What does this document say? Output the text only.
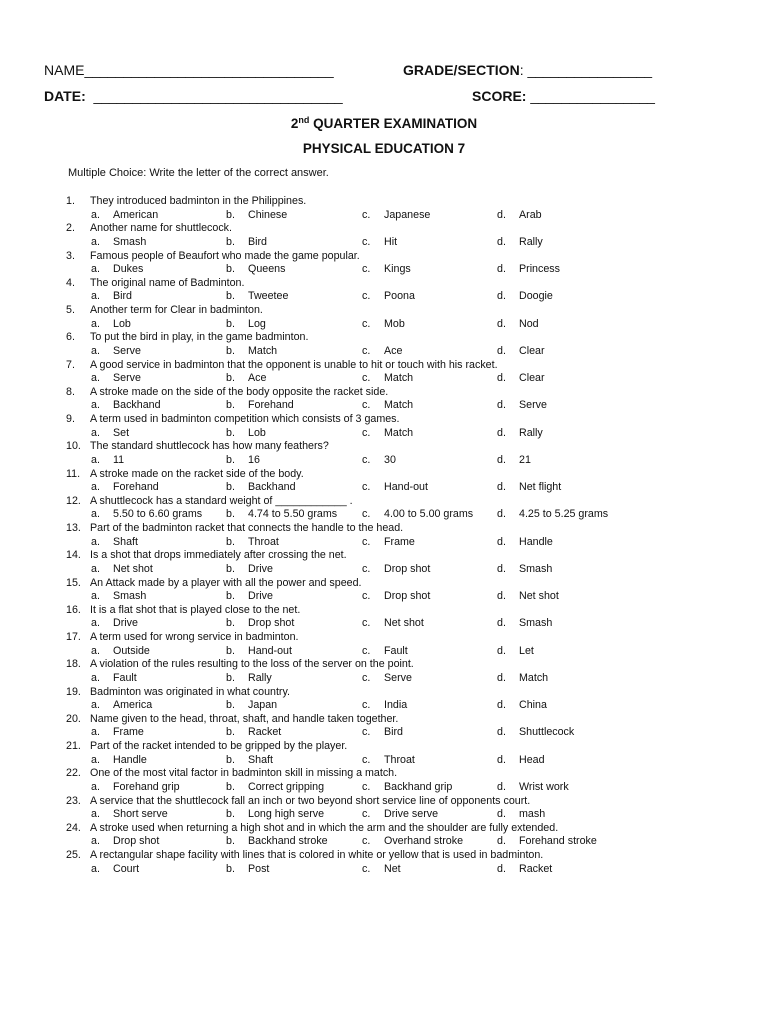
NAME________________________________	GRADE/SECTION: ________________
DATE: ________________________________	SCORE: ________________
2nd QUARTER EXAMINATION
PHYSICAL EDUCATION 7
Multiple Choice: Write the letter of the correct answer.
1. They introduced badminton in the Philippines.
a. American	b. Chinese	c. Japanese	d. Arab
2. Another name for shuttlecock.
a. Smash	b. Bird	c. Hit	d. Rally
3. Famous people of Beaufort who made the game popular.
a. Dukes	b. Queens	c. Kings	d. Princess
4. The original name of Badminton.
a. Bird	b. Tweetee	c. Poona	d. Doogie
5. Another term for Clear in badminton.
a. Lob	b. Log	c. Mob	d. Nod
6. To put the bird in play, in the game badminton.
a. Serve	b. Match	c. Ace	d. Clear
7. A good service in badminton that the opponent is unable to hit or touch with his racket.
a. Serve	b. Ace	c. Match	d. Clear
8. A stroke made on the side of the body opposite the racket side.
a. Backhand	b. Forehand	c. Match	d. Serve
9. A term used in badminton competition which consists of 3 games.
a. Set	b. Lob	c. Match	d. Rally
10. The standard shuttlecock has how many feathers?
a. 11	b. 16	c. 30	d. 21
11. A stroke made on the racket side of the body.
a. Forehand	b. Backhand	c. Hand-out	d. Net flight
12. A shuttlecock has a standard weight of ____________ .
a. 5.50 to 6.60 grams b. 4.74 to 5.50 grams c. 4.00 to 5.00 grams d. 4.25 to 5.25 grams
13. Part of the badminton racket that connects the handle to the head.
a. Shaft	b. Throat	c. Frame	d. Handle
14. Is a shot that drops immediately after crossing the net.
a. Net shot	b. Drive	c. Drop shot	d. Smash
15. An Attack made by a player with all the power and speed.
a. Smash	b. Drive	c. Drop shot	d. Net shot
16. It is a flat shot that is played close to the net.
a. Drive	b. Drop shot	c. Net shot	d. Smash
17. A term used for wrong service in badminton.
a. Outside	b. Hand-out	c. Fault	d. Let
18. A violation of the rules resulting to the loss of the server on the point.
a. Fault	b. Rally	c. Serve	d. Match
19. Badminton was originated in what country.
a. America	b. Japan	c. India	d. China
20. Name given to the head, throat, shaft, and handle taken together.
a. Frame	b. Racket	c. Bird	d. Shuttlecock
21. Part of the racket intended to be gripped by the player.
a. Handle	b. Shaft	c. Throat	d. Head
22. One of the most vital factor in badminton skill in missing a match.
a. Forehand grip	b. Correct gripping	c. Backhand grip	d. Wrist work
23. A service that the shuttlecock fall an inch or two beyond short service line of opponents court.
a. Short serve	b. Long high serve	c. Drive serve	d. mash
24. A stroke used when returning a high shot and in which the arm and the shoulder are fully extended.
a. Drop shot	b. Backhand stroke	c. Overhand stroke	d. Forehand stroke
25. A rectangular shape facility with lines that is colored in white or yellow that is used in badminton.
a. Court	b. Post	c. Net	d. Racket
